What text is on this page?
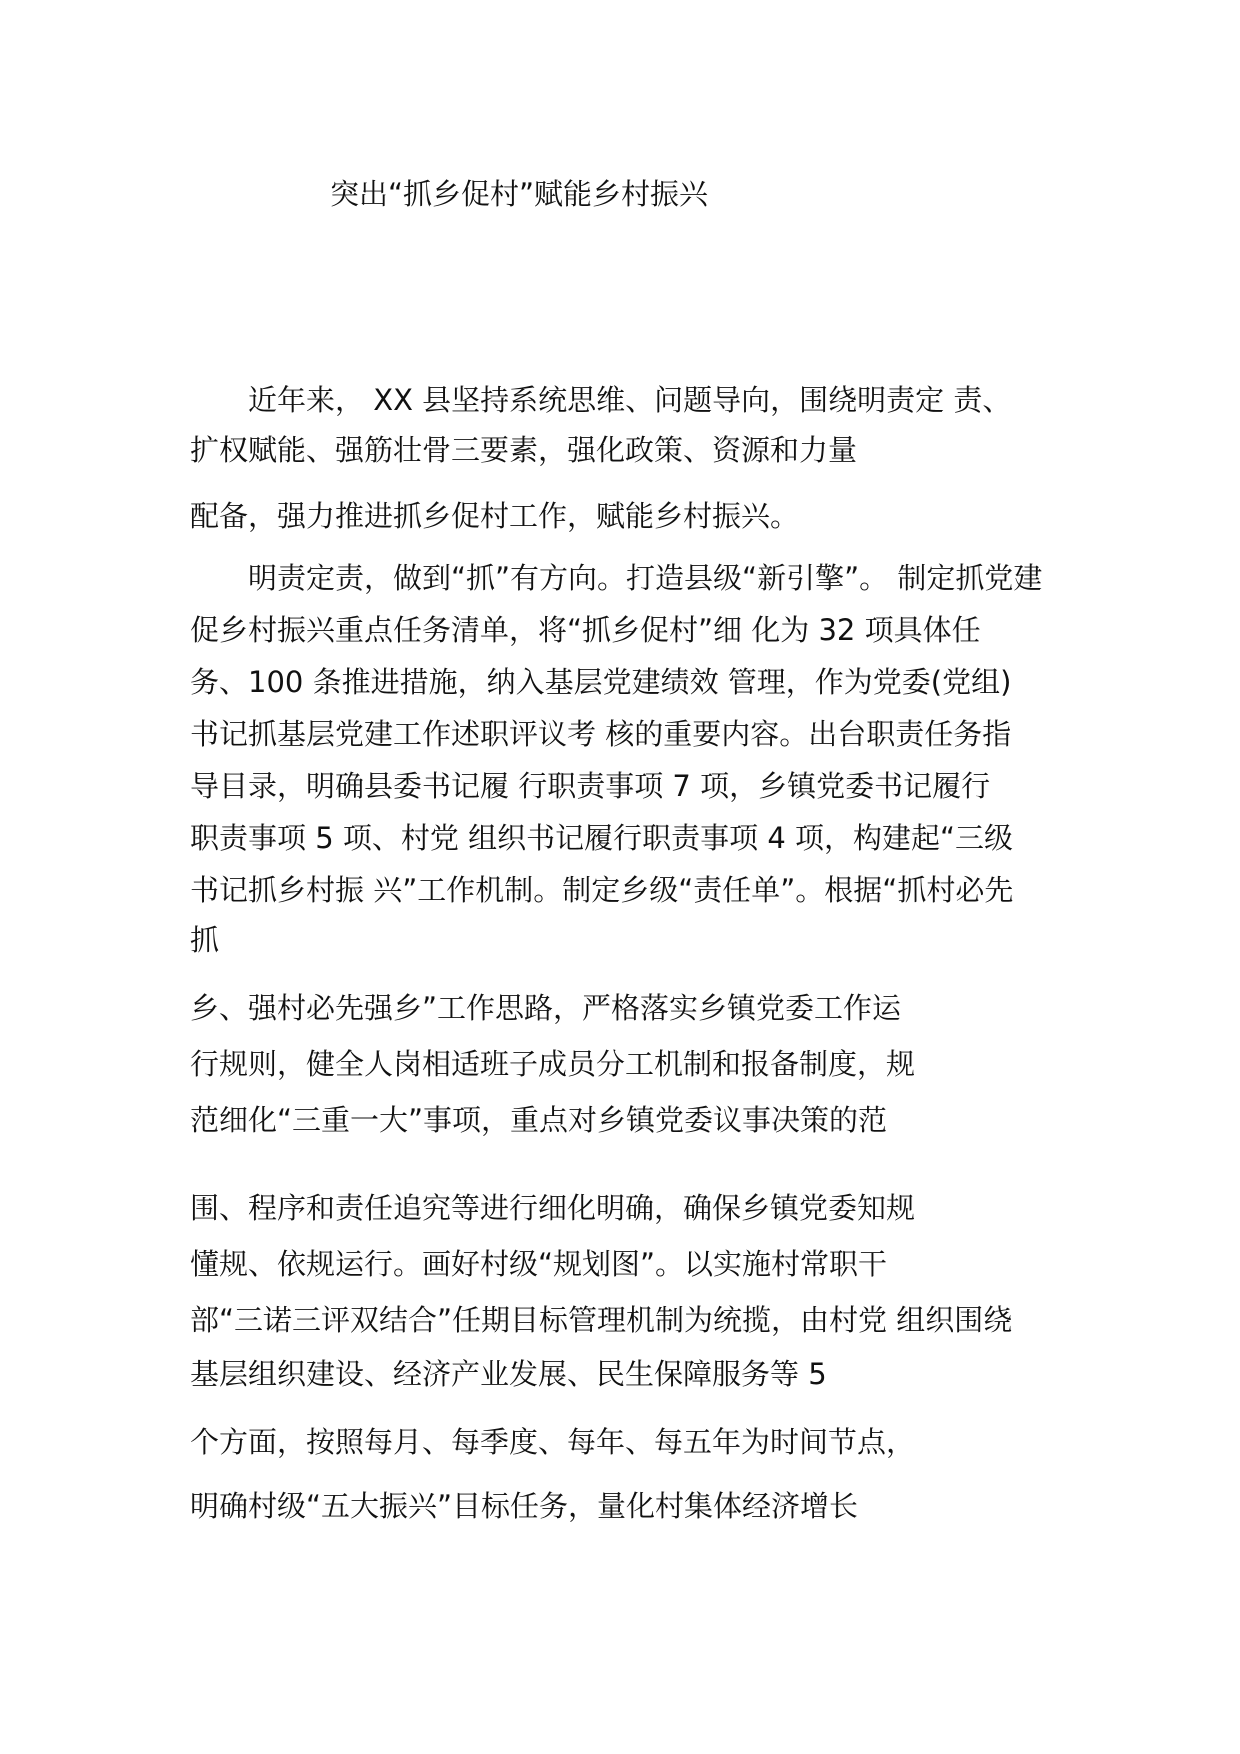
突出“抓乡促村”赋能乡村振兴
近年来， XX 县坚持系统思维、问题导向，围绕明责定 责、
扩权赋能、强筋壮骨三要素，强化政策、资源和力量
配备，强力推进抓乡促村工作，赋能乡村振兴。
明责定责，做到“抓”有方向。打造县级“新引擎”。 制定抓党建
促乡村振兴重点任务清单，将“抓乡促村”细 化为 32 项具体任
务、100 条推进措施，纳入基层党建绩效 管理，作为党委(党组)
书记抓基层党建工作述职评议考 核的重要内容。出台职责任务指
导目录，明确县委书记履 行职责事项 7 项，乡镇党委书记履行
职责事项 5 项、村党 组织书记履行职责事项 4 项，构建起“三级
书记抓乡村振 兴”工作机制。制定乡级“责任单”。根据“抓村必先
抓
乡、强村必先强乡”工作思路，严格落实乡镇党委工作运
行规则，健全人岗相适班子成员分工机制和报备制度，规
范细化“三重一大”事项，重点对乡镇党委议事决策的范
围、程序和责任追究等进行细化明确，确保乡镇党委知规
懂规、依规运行。画好村级“规划图”。以实施村常职干
部“三诺三评双结合”任期目标管理机制为统揽，由村党 组织围绕
基层组织建设、经济产业发展、民生保障服务等 5
个方面，按照每月、每季度、每年、每五年为时间节点，
明确村级“五大振兴”目标任务，量化村集体经济增长
